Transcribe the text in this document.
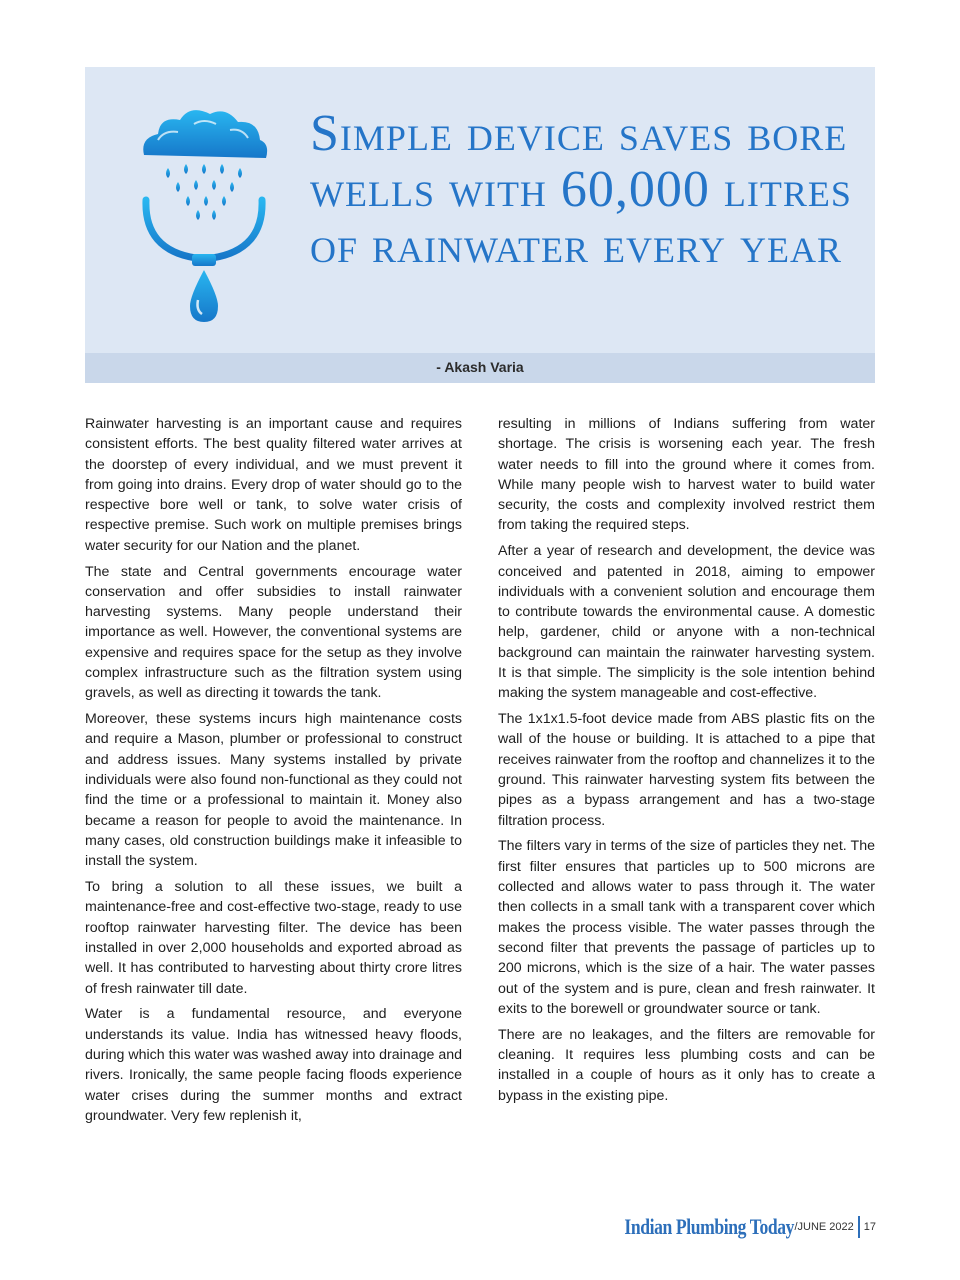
Simple device saves bore wells with 60,000 litres of rainwater every year
- Akash Varia

Rainwater harvesting is an important cause and requires consistent efforts. The best quality filtered water arrives at the doorstep of every individual, and we must prevent it from going into drains. Every drop of water should go to the respective bore well or tank, to solve water crisis of respective premise. Such work on multiple premises brings water security for our Nation and the planet.

The state and Central governments encourage water conservation and offer subsidies to install rainwater harvesting systems. Many people understand their importance as well. However, the conventional systems are expensive and requires space for the setup as they involve complex infrastructure such as the filtration system using gravels, as well as directing it towards the tank.

Moreover, these systems incurs high maintenance costs and require a Mason, plumber or professional to construct and address issues. Many systems installed by private individuals were also found non-functional as they could not find the time or a professional to maintain it. Money also became a reason for people to avoid the maintenance. In many cases, old construction buildings make it infeasible to install the system.

To bring a solution to all these issues, we built a maintenance-free and cost-effective two-stage, ready to use rooftop rainwater harvesting filter. The device has been installed in over 2,000 households and exported abroad as well. It has contributed to harvesting about thirty crore litres of fresh rainwater till date.

Water is a fundamental resource, and everyone understands its value. India has witnessed heavy floods, during which this water was washed away into drainage and rivers. Ironically, the same people facing floods experience water crises during the summer months and extract groundwater. Very few replenish it,

resulting in millions of Indians suffering from water shortage. The crisis is worsening each year. The fresh water needs to fill into the ground where it comes from. While many people wish to harvest water to build water security, the costs and complexity involved restrict them from taking the required steps.

After a year of research and development, the device was conceived and patented in 2018, aiming to empower individuals with a convenient solution and encourage them to contribute towards the environmental cause. A domestic help, gardener, child or anyone with a non-technical background can maintain the rainwater harvesting system. It is that simple. The simplicity is the sole intention behind making the system manageable and cost-effective.

The 1x1x1.5-foot device made from ABS plastic fits on the wall of the house or building. It is attached to a pipe that receives rainwater from the rooftop and channelizes it to the ground. This rainwater harvesting system fits between the pipes as a bypass arrangement and has a two-stage filtration process.

The filters vary in terms of the size of particles they net. The first filter ensures that particles up to 500 microns are collected and allows water to pass through it. The water then collects in a small tank with a transparent cover which makes the process visible. The water passes through the second filter that prevents the passage of particles up to 200 microns, which is the size of a hair. The water passes out of the system and is pure, clean and fresh rainwater. It exits to the borewell or groundwater source or tank.

There are no leakages, and the filters are removable for cleaning. It requires less plumbing costs and can be installed in a couple of hours as it only has to create a bypass in the existing pipe.

Indian Plumbing Today /JUNE 2022 17
